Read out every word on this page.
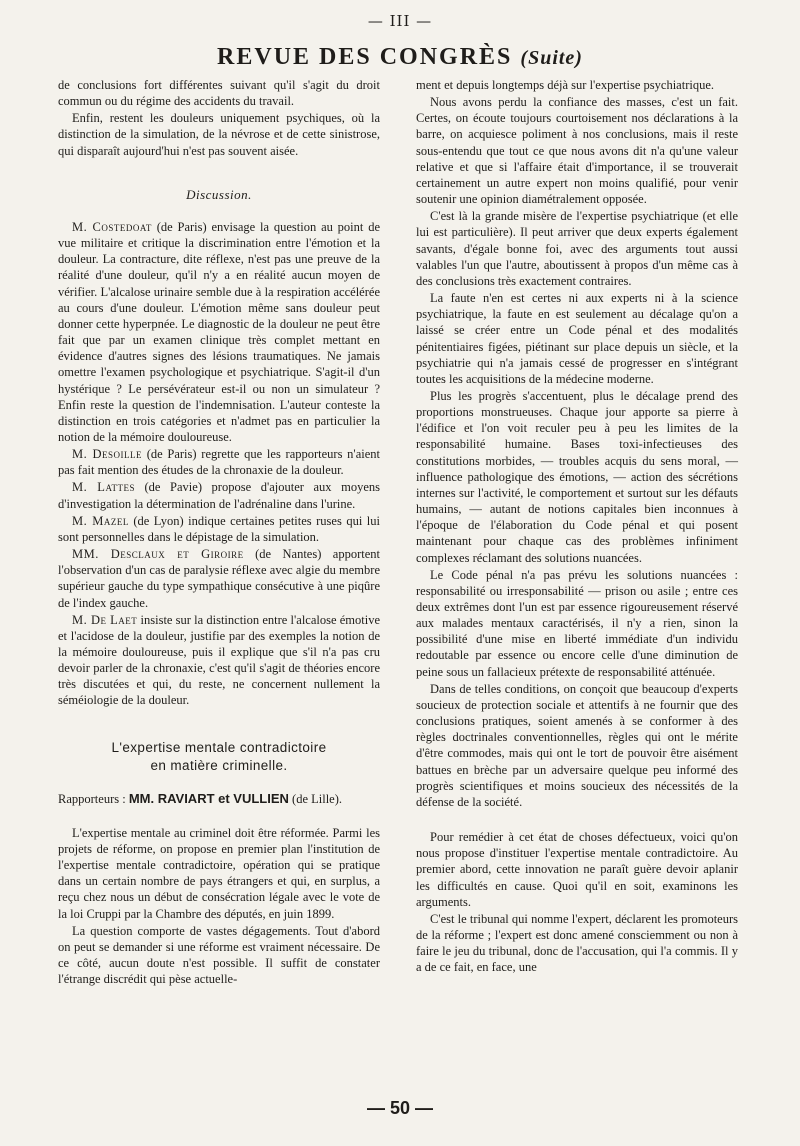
— III —
REVUE DES CONGRÈS (Suite)

de conclusions fort différentes suivant qu'il s'agit du droit commun ou du régime des accidents du travail.

Enfin, restent les douleurs uniquement psychiques, où la distinction de la simulation, de la névrose et de cette sinistrose, qui disparaît aujourd'hui n'est pas souvent aisée.

Discussion.

M. Costedoat (de Paris) envisage la question au point de vue militaire et critique la discrimination entre l'émotion et la douleur. La contracture, dite réflexe, n'est pas une preuve de la réalité d'une douleur, qu'il n'y a en réalité aucun moyen de vérifier. L'alcalose urinaire semble due à la respiration accélérée au cours d'une douleur. L'émotion même sans douleur peut donner cette hyperpnée. Le diagnostic de la douleur ne peut être fait que par un examen clinique très complet mettant en évidence d'autres signes des lésions traumatiques. Ne jamais omettre l'examen psychologique et psychiatrique. S'agit-il d'un hystérique ? Le persévérateur est-il ou non un simulateur ? Enfin reste la question de l'indemnisation. L'auteur conteste la distinction en trois catégories et n'admet pas en particulier la notion de la mémoire douloureuse.

M. Desoille (de Paris) regrette que les rapporteurs n'aient pas fait mention des études de la chronaxie de la douleur.

M. Lattes (de Pavie) propose d'ajouter aux moyens d'investigation la détermination de l'adrénaline dans l'urine.

M. Mazel (de Lyon) indique certaines petites ruses qui lui sont personnelles dans le dépistage de la simulation.

MM. Desclaux et Giroire (de Nantes) apportent l'observation d'un cas de paralysie réflexe avec algie du membre supérieur gauche du type sympathique consécutive à une piqûre de l'index gauche.

M. De Laet insiste sur la distinction entre l'alcalose émotive et l'acidose de la douleur, justifie par des exemples la notion de la mémoire douloureuse, puis il explique que s'il n'a pas cru devoir parler de la chronaxie, c'est qu'il s'agit de théories encore très discutées et qui, du reste, ne concernent nullement la séméiologie de la douleur.

L'expertise mentale contradictoire
en matière criminelle.

Rapporteurs : MM. RAVIART et VULLIEN (de Lille).

L'expertise mentale au criminel doit être réformée. Parmi les projets de réforme, on propose en premier plan l'institution de l'expertise mentale contradictoire, opération qui se pratique dans un certain nombre de pays étrangers et qui, en surplus, a reçu chez nous un début de consécration légale avec le vote de la loi Cruppi par la Chambre des députés, en juin 1899.

La question comporte de vastes dégagements. Tout d'abord on peut se demander si une réforme est vraiment nécessaire. De ce côté, aucun doute n'est possible. Il suffit de constater l'étrange discrédit qui pèse actuelle-

ment et depuis longtemps déjà sur l'expertise psychiatrique.

Nous avons perdu la confiance des masses, c'est un fait. Certes, on écoute toujours courtoisement nos déclarations à la barre, on acquiesce poliment à nos conclusions, mais il reste sous-entendu que tout ce que nous avons dit n'a qu'une valeur relative et que si l'affaire était d'importance, il se trouverait certainement un autre expert non moins qualifié, pour venir soutenir une opinion diamétralement opposée.

C'est là la grande misère de l'expertise psychiatrique (et elle lui est particulière). Il peut arriver que deux experts également savants, d'égale bonne foi, avec des arguments tout aussi valables l'un que l'autre, aboutissent à propos d'un même cas à des conclusions très exactement contraires.

La faute n'en est certes ni aux experts ni à la science psychiatrique, la faute en est seulement au décalage qu'on a laissé se créer entre un Code pénal et des modalités pénitentiaires figées, piétinant sur place depuis un siècle, et la psychiatrie qui n'a jamais cessé de progresser en s'intégrant toutes les acquisitions de la médecine moderne.

Plus les progrès s'accentuent, plus le décalage prend des proportions monstrueuses. Chaque jour apporte sa pierre à l'édifice et l'on voit reculer peu à peu les limites de la responsabilité humaine. Bases toxi-infectieuses des constitutions morbides, — troubles acquis du sens moral, — influence pathologique des émotions, — action des sécrétions internes sur l'activité, le comportement et surtout sur les défauts humains, — autant de notions capitales bien inconnues à l'époque de l'élaboration du Code pénal et qui posent maintenant pour chaque cas des problèmes infiniment complexes réclamant des solutions nuancées.

Le Code pénal n'a pas prévu les solutions nuancées : responsabilité ou irresponsabilité — prison ou asile ; entre ces deux extrêmes dont l'un est par essence rigoureusement réservé aux malades mentaux caractérisés, il n'y a rien, sinon la possibilité d'une mise en liberté immédiate d'un individu redoutable par essence ou encore celle d'une diminution de peine sous un fallacieux prétexte de responsabilité atténuée.

Dans de telles conditions, on conçoit que beaucoup d'experts soucieux de protection sociale et attentifs à ne fournir que des conclusions pratiques, soient amenés à se conformer à des règles doctrinales conventionnelles, règles qui ont le mérite d'être commodes, mais qui ont le tort de pouvoir être aisément battues en brèche par un adversaire quelque peu informé des progrès scientifiques et moins soucieux des nécessités de la défense de la société.

Pour remédier à cet état de choses défectueux, voici qu'on nous propose d'instituer l'expertise mentale contradictoire. Au premier abord, cette innovation ne paraît guère devoir aplanir les difficultés en cause. Quoi qu'il en soit, examinons les arguments.

C'est le tribunal qui nomme l'expert, déclarent les promoteurs de la réforme ; l'expert est donc amené consciemment ou non à faire le jeu du tribunal, donc de l'accusation, qui l'a commis. Il y a de ce fait, en face, une

— 50 —
